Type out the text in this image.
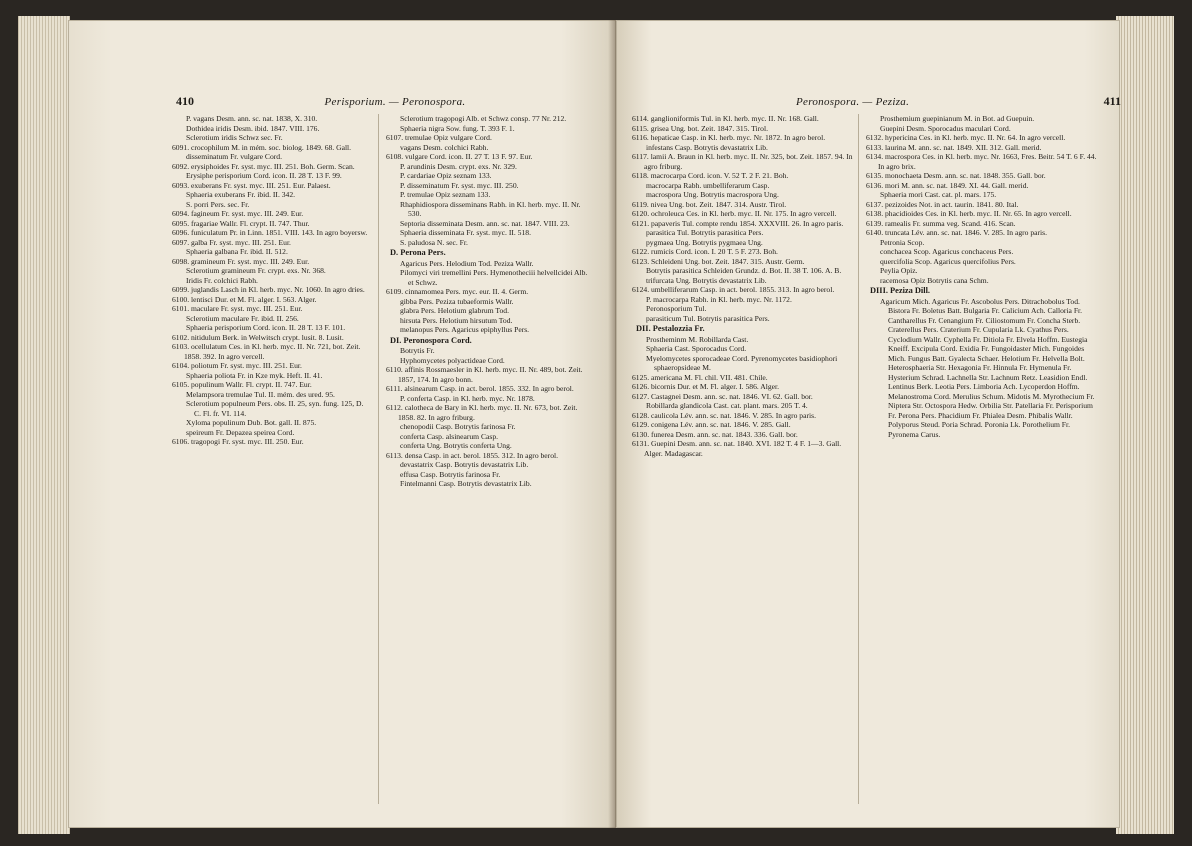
410	Perisporium. — Peronospora.

P. vagans Desm. ann. sc. nat. 1838, X. 310.

Dothidea iridis Desm. ibid. 1847. VIII. 176.

Sclerotium iridis Schwz sec. Fr.

6091. crocophilum M. in mém. soc. biolog. 1849. 68. Gall.

disseminatum Fr. vulgare Cord.

6092. erysiphoides Fr. syst. myc. III. 251. Boh. Germ. Scan.

Erysiphe perisporium Cord. icon. II. 28 T. 13 F. 99.

6093. exuberans Fr. syst. myc. III. 251. Eur. Palaest.

Sphaeria exuberans Fr. ibid. II. 342.

S. porri Pers. sec. Fr.

6094. fagineum Fr. syst. myc. III. 249. Eur.

6095. fragariae Wallr. Fl. crypt. II. 747. Thur.

6096. funiculatum Pr. in Linn. 1851. VIII. 143. In agro boyersw.

6097. galba Fr. syst. myc. III. 251. Eur.

Sphaeria galbana Fr. ibid. II. 512.

6098. gramineum Fr. syst. myc. III. 249. Eur.

Sclerotium gramineum Fr. crypt. exs. Nr. 368.

Iridis Fr. colchici Rabh.

6099. juglandis Lasch in Kl. herb. myc. Nr. 1060. In agro dries.

6100. lentisci Dur. et M. Fl. alger. I. 563. Alger.

6101. maculare Fr. syst. myc. III. 251. Eur.

Sclerotium maculare Fr. ibid. II. 256.

Sphaeria perisporium Cord. icon. II. 28 T. 13 F. 101.

6102. nitidulum Berk. in Welwitsch crypt. lusit. 8. Lusit.

6103. ocellulatum Ces. in Kl. herb. myc. II. Nr. 721, bot. Zeit. 1858. 392. In agro vercell.

6104. poliotum Fr. syst. myc. III. 251. Eur.

Sphaeria poliota Fr. in Kze myk. Heft. II. 41.

6105. populinum Wallr. Fl. crypt. II. 747. Eur.

Melampsora tremulae Tul. II. mém. des ured. 95.

Sclerotium populneum Pers. obs. II. 25, syn. fung. 125, D. C. Fl. fr. VI. 114.

Xyloma populinum Dub. Bot. gall. II. 875.

speireum Fr. Depazea speirea Cord.

6106. tragopogi Fr. syst. myc. III. 250. Eur.

Sclerotium tragopogi Alb. et Schwz consp. 77 Nr. 212.

Sphaeria nigra Sow. fung. T. 393 F. 1.

6107. tremulae Opiz vulgare Cord.

vagans Desm. colchici Rabh.

6108. vulgare Cord. icon. II. 27 T. 13 F. 97. Eur.

P. arundinis Desm. crypt. exs. Nr. 329.

P. cardariae Opiz seznam 133.

P. disseminatum Fr. syst. myc. III. 250.

P. tremulae Opiz seznam 133.

Rhaphidiospora disseminans Rabh. in Kl. herb. myc. II. Nr. 530.

Septoria disseminata Desm. ann. sc. nat. 1847. VIII. 23.

Sphaeria disseminata Fr. syst. myc. II. 518.

S. paludosa N. sec. Fr.

D. Perona Pers.

Agaricus Pers. Helodium Tod. Peziza Wallr.

Pilomyci viri tremellini Pers. Hymenotheciii helvellcidei Alb. et Schwz.

6109. cinnamomea Pers. myc. eur. II. 4. Germ.

gibba Pers. Peziza tubaeformis Wallr.

glabra Pers. Helotium glabrum Tod.

hirsuta Pers. Helotium hirsutum Tod.

melanopus Pers. Agaricus epiphyllus Pers.

DI. Peronospora Cord.

Botrytis Fr.

Hyphomycetes polyactideae Cord.

6110. affinis Rossmaesler in Kl. herb. myc. II. Nr. 489, bot. Zeit. 1857, 174. In agro bonn.

6111. alsinearum Casp. in act. berol. 1855. 332. In agro berol.

P. conferta Casp. in Kl. herb. myc. Nr. 1878.

6112. calotheca de Bary in Kl. herb. myc. II. Nr. 673, bot. Zeit. 1858. 82. In agro friburg.

chenopodii Casp. Botrytis farinosa Fr.

conferta Casp. alsinearum Casp.

conferta Ung. Botrytis conferta Ung.

6113. densa Casp. in act. berol. 1855. 312. In agro berol.

devastatrix Casp. Botrytis devastatrix Lib.

effusa Casp. Botrytis farinosa Fr.

Fintelmanni Casp. Botrytis devastatrix Lib.

Peronospora. — Peziza.	411

6114. ganglioniformis Tul. in Kl. herb. myc. II. Nr. 168. Gall.

6115. grisea Ung. bot. Zeit. 1847. 315. Tirol.

6116. hepaticae Casp. in Kl. herb. myc. Nr. 1872. In agro berol.

infestans Casp. Botrytis devastatrix Lib.

6117. lamii A. Braun in Kl. herb. myc. II. Nr. 325, bot. Zeit. 1857. 94. In agro friburg.

6118. macrocarpa Cord. icon. V. 52 T. 2 F. 21. Boh.

macrocarpa Rabh. umbelliferarum Casp.

macrospora Ung. Botrytis macrospora Ung.

6119. nivea Ung. bot. Zeit. 1847. 314. Austr. Tirol.

6120. ochroleuca Ces. in Kl. herb. myc. II. Nr. 175. In agro vercell.

6121. papaveris Tul. compte rendu 1854. XXXVIII. 26. In agro paris.

parasitica Tul. Botrytis parasitica Pers.

pygmaea Ung. Botrytis pygmaea Ung.

6122. rumicis Cord. icon. I. 20 T. 5 F. 273. Boh.

6123. Schleideni Ung. bot. Zeit. 1847. 315. Austr. Germ.

Botrytis parasitica Schleiden Grundz. d. Bot. II. 38 T. 106. A. B.

trifurcata Ung. Botrytis devastatrix Lib.

6124. umbelliferarum Casp. in act. berol. 1855. 313. In agro berol.

P. macrocarpa Rabh. in Kl. herb. myc. Nr. 1172.

Peronosporium Tul.

parasiticum Tul. Botrytis parasitica Pers.

DII. Pestalozzia Fr.

Prostheminm M. Robillarda Cast.

Sphaeria Cast. Sporocadus Cord.

Myelomycetes sporocadeae Cord. Pyrenomycetes basidiophori sphaeropsideae M.

6125. americana M. Fl. chil. VII. 481. Chile.

6126. bicornis Dur. et M. Fl. alger. I. 586. Alger.

6127. Castagnei Desm. ann. sc. nat. 1846. VI. 62. Gall. bor.

Robillarda glandicola Cast. cat. plant. mars. 205 T. 4.

6128. caulicola Lév. ann. sc. nat. 1846. V. 285. In agro paris.

6129. conigena Lév. ann. sc. nat. 1846. V. 285. Gall.

6130. funerea Desm. ann. sc. nat. 1843. 336. Gall. bor.

6131. Guepini Desm. ann. sc. nat. 1840. XVI. 182 T. 4 F. 1—3. Gall. Alger. Madagascar.

Prosthemium guepinianum M. in Bot. ad Guepuin.

Guepini Desm. Sporocadus maculari Cord.

6132. hypericina Ces. in Kl. herb. myc. II. Nr. 64. In agro vercell.

6133. laurina M. ann. sc. nat. 1849. XII. 312. Gall. merid.

6134. macrospora Ces. in Kl. herb. myc. Nr. 1663, Fres. Beitr. 54 T. 6 F. 44. In agro brix.

6135. monochaeta Desm. ann. sc. nat. 1848. 355. Gall. bor.

6136. mori M. ann. sc. nat. 1849. XI. 44. Gall. merid.

Sphaeria mori Cast. cat. pl. mars. 175.

6137. pezizoides Not. in act. taurin. 1841. 80. Ital.

6138. phacidioides Ces. in Kl. herb. myc. II. Nr. 65. In agro vercell.

6139. ramealis Fr. summa veg. Scand. 416. Scan.

6140. truncata Lév. ann. sc. nat. 1846. V. 285. In agro paris.

Petronia Scop.

conchacea Scop. Agaricus conchaceus Pers.

quercifolia Scop. Agaricus quercifolius Pers.

Peylia Opiz.

racemosa Opiz Botrytis cana Schm.

DIII. Peziza Dill.

Agaricum Mich. Agaricus Fr. Ascobolus Pers. Ditrachobolus Tod. Bistora Fr. Boletus Batt. Bulgaria Fr. Calicium Ach. Calloria Fr. Cantharellus Fr. Cenangium Fr. Ciliostomum Fr. Concha Sterb. Craterellus Pers. Craterium Fr. Cupularia Lk. Cyathus Pers. Cyclodium Wallr. Cyphella Fr. Ditiola Fr. Elvela Hoffm. Eustegia Kneiff. Excipula Cord. Exidia Fr. Fungoidaster Mich. Fungoides Mich. Fungus Batt. Gyalecta Schaer. Helotium Fr. Helvella Bolt. Heterosphaeria Str. Hexagonia Fr. Hinnula Fr. Hymenula Fr. Hysterium Schrad. Lachnella Str. Lachnum Retz. Leasidion Endl. Lentinus Berk. Leotia Pers. Limboria Ach. Lycoperdon Hoffm. Melanostroma Cord. Merulius Schum. Midotis M. Myrothecium Fr. Niptera Str. Octospora Hedw. Orbilia Str. Patellaria Fr. Perisporium Fr. Perona Pers. Phacidium Fr. Phialea Desm. Phibalis Wallr. Polyporus Steud. Poria Schrad. Poronia Lk. Porothelium Fr. Pyronema Carus.
